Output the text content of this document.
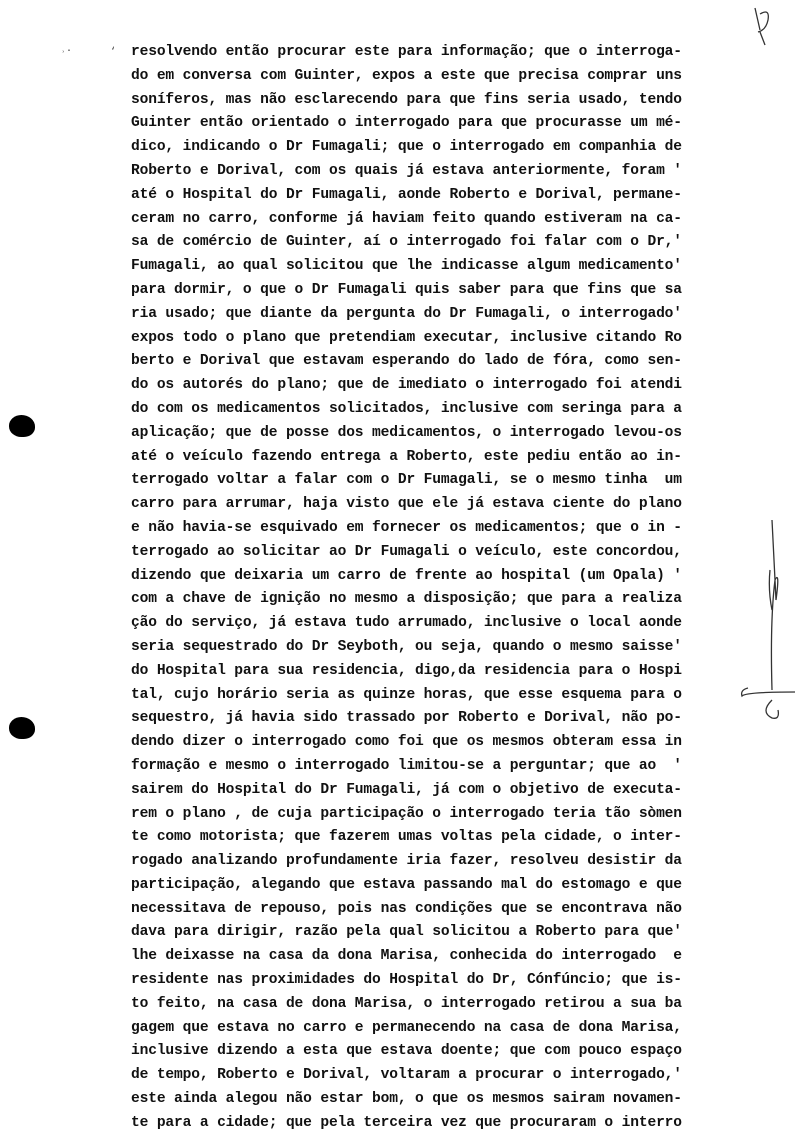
˒·	‘ resolvendo então procurar este para informação; que o interroga-
do em conversa com Guinter, expos a este que precisa comprar uns
soníferos, mas não esclarecendo para que fins seria usado, tendo
Guinter então orientado o interrogado para que procurasse um mé-
dico, indicando o Dr Fumagali; que o interrogado em companhia de
Roberto e Dorival, com os quais já estava anteriormente, foram '
até o Hospital do Dr Fumagali, aonde Roberto e Dorival, permane-
ceram no carro, conforme já haviam feito quando estiveram na ca-
sa de comércio de Guinter, aí o interrogado foi falar com o Dr,'
Fumagali, ao qual solicitou que lhe indicasse algum medicamento'
para dormir, o que o Dr Fumagali quis saber para que fins que sa
ria usado; que diante da pergunta do Dr Fumagali, o interrogado'
expos todo o plano que pretendiam executar, inclusive citando Ro
berto e Dorival que estavam esperando do lado de fóra, como sen-
do os autorés do plano; que de imediato o interrogado foi atendi
do com os medicamentos solicitados, inclusive com seringa para a
aplicação; que de posse dos medicamentos, o interrogado levou-os
até o veículo fazendo entrega a Roberto, este pediu então ao in-
terrogado voltar a falar com o Dr Fumagali, se o mesmo tinha  um
carro para arrumar, haja visto que ele já estava ciente do plano
e não havia-se esquivado em fornecer os medicamentos; que o in -
terrogado ao solicitar ao Dr Fumagali o veículo, este concordou,
dizendo que deixaria um carro de frente ao hospital (um Opala) '
com a chave de ignição no mesmo a disposição; que para a realiza
ção do serviço, já estava tudo arrumado, inclusive o local aonde
seria sequestrado do Dr Seyboth, ou seja, quando o mesmo saisse'
do Hospital para sua residencia, digo,da residencia para o Hospi
tal, cujo horário seria as quinze horas, que esse esquema para o
sequestro, já havia sido trassado por Roberto e Dorival, não po-
dendo dizer o interrogado como foi que os mesmos obteram essa in
formação e mesmo o interrogado limitou-se a perguntar; que ao  '
sairem do Hospital do Dr Fumagali, já com o objetivo de executa-
rem o plano , de cuja participação o interrogado teria tão sòmen
te como motorista; que fazerem umas voltas pela cidade, o inter-
rogado analizando profundamente iria fazer, resolveu desistir da
participação, alegando que estava passando mal do estomago e que
necessitava de repouso, pois nas condições que se encontrava não
dava para dirigir, razão pela qual solicitou a Roberto para que'
lhe deixasse na casa da dona Marisa, conhecida do interrogado  e
residente nas proximidades do Hospital do Dr, Cónfúncio; que is-
to feito, na casa de dona Marisa, o interrogado retirou a sua ba
gagem que estava no carro e permanecendo na casa de dona Marisa,
inclusive dizendo a esta que estava doente; que com pouco espaço
de tempo, Roberto e Dorival, voltaram a procurar o interrogado,'
este ainda alegou não estar bom, o que os mesmos sairam novamen-
te para a cidade; que pela terceira vez que procuraram o interro
